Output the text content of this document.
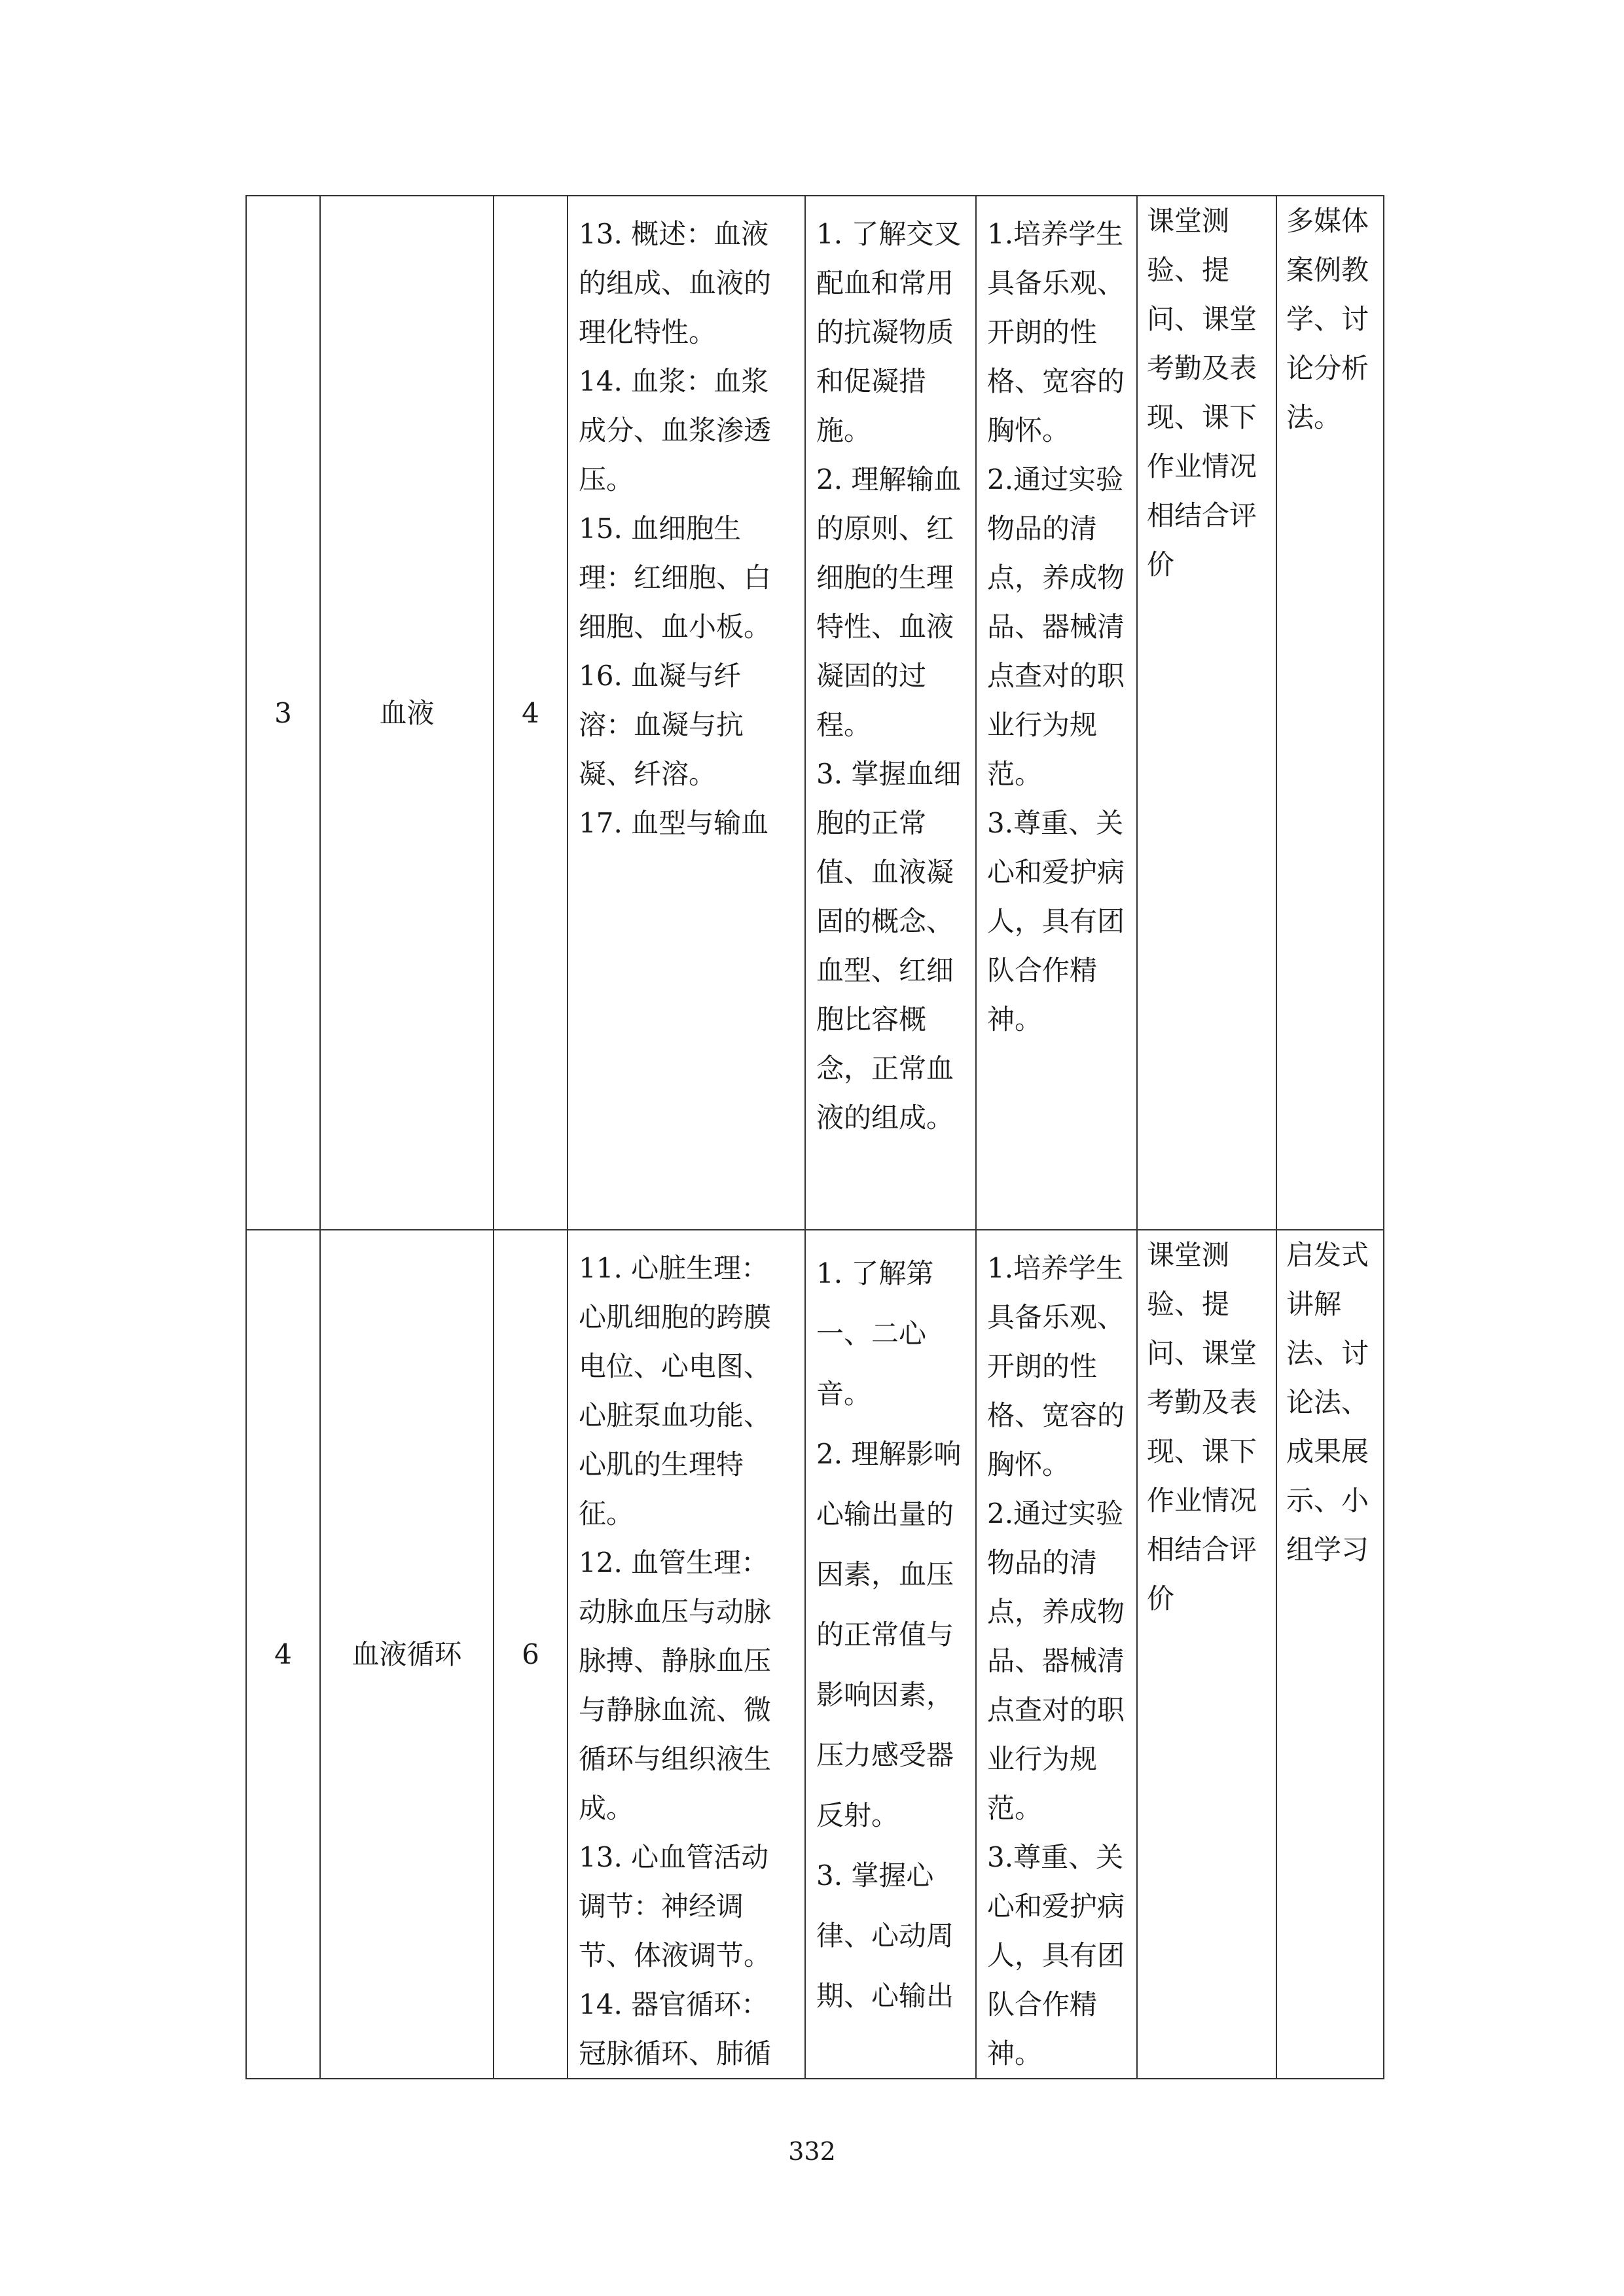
3	血液	4	13. 概述：血液的组成、血液的理化特性。
14. 血浆：血浆成分、血浆渗透压。
15. 血细胞生理：红细胞、白细胞、血小板。
16. 血凝与纤溶：血凝与抗凝、纤溶。
17. 血型与输血	1. 了解交叉配血和常用的抗凝物质和促凝措施。
2. 理解输血的原则、红细胞的生理特性、血液凝固的过程。
3. 掌握血细胞的正常值、血液凝固的概念、血型、红细胞比容概念，正常血液的组成。	1.培养学生具备乐观、开朗的性格、宽容的胸怀。
2.通过实验物品的清点，养成物品、器械清点查对的职业行为规范。
3.尊重、关心和爱护病人，具有团队合作精神。	课堂测验、提问、课堂考勤及表现、课下作业情况相结合评价	多媒体案例教学、讨论分析法。

4	血液循环	6	11. 心脏生理：心肌细胞的跨膜电位、心电图、心脏泵血功能、心肌的生理特征。
12. 血管生理：动脉血压与动脉脉搏、静脉血压与静脉血流、微循环与组织液生成。
13. 心血管活动调节：神经调节、体液调节。
14. 器官循环：冠脉循环、肺循	1. 了解第一、二心音。
2. 理解影响心输出量的因素，血压的正常值与影响因素，压力感受器反射。
3. 掌握心律、心动周期、心输出	1.培养学生具备乐观、开朗的性格、宽容的胸怀。
2.通过实验物品的清点，养成物品、器械清点查对的职业行为规范。
3.尊重、关心和爱护病人，具有团队合作精神。	课堂测验、提问、课堂考勤及表现、课下作业情况相结合评价	启发式讲解法、讨论法、成果展示、小组学习
332
